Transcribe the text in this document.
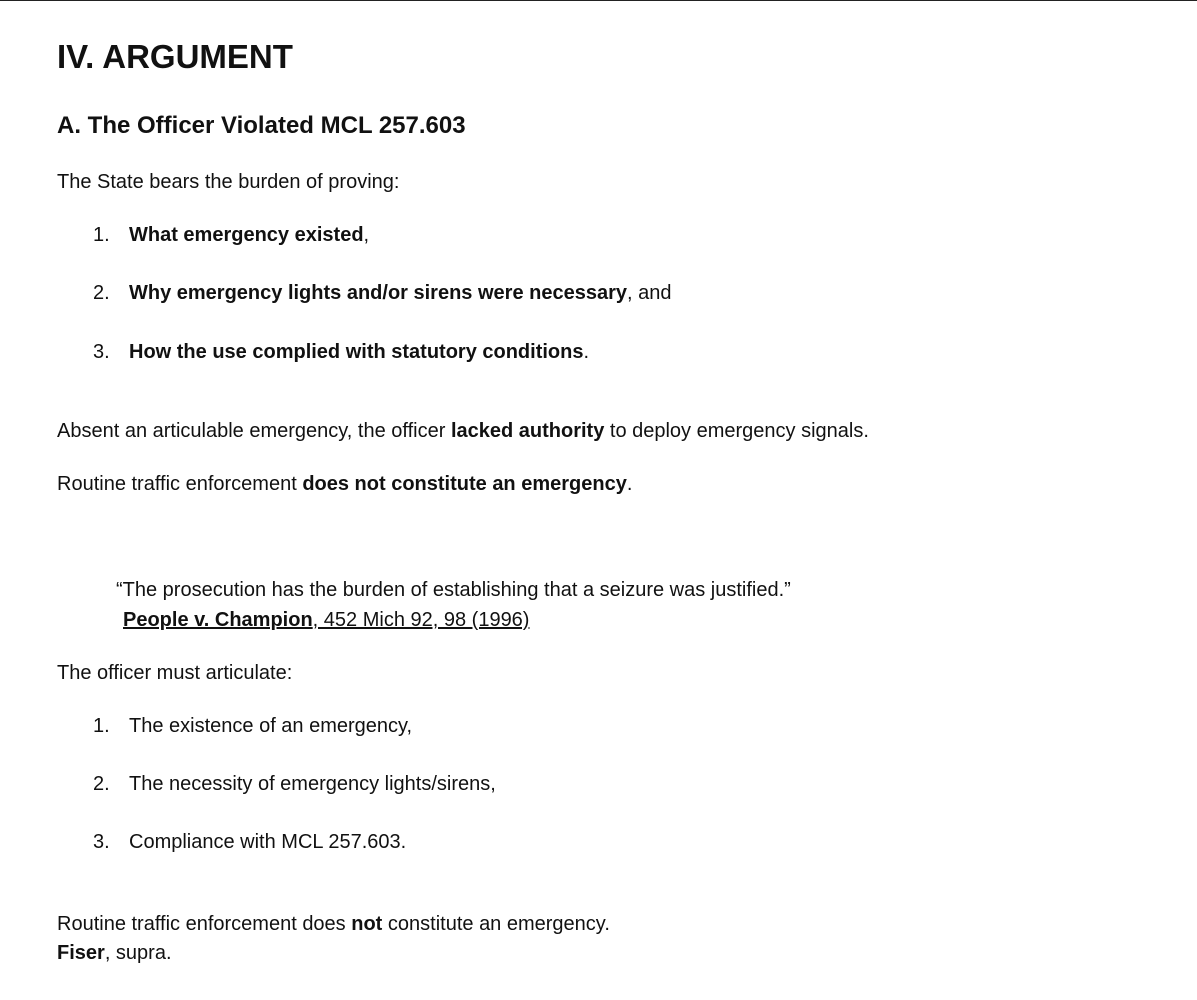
IV. ARGUMENT
A. The Officer Violated MCL 257.603
The State bears the burden of proving:
1. What emergency existed,
2. Why emergency lights and/or sirens were necessary, and
3. How the use complied with statutory conditions.
Absent an articulable emergency, the officer lacked authority to deploy emergency signals.
Routine traffic enforcement does not constitute an emergency.
“The prosecution has the burden of establishing that a seizure was justified.”
People v. Champion, 452 Mich 92, 98 (1996)
The officer must articulate:
1. The existence of an emergency,
2. The necessity of emergency lights/sirens,
3. Compliance with MCL 257.603.
Routine traffic enforcement does not constitute an emergency.
Fiser, supra.
